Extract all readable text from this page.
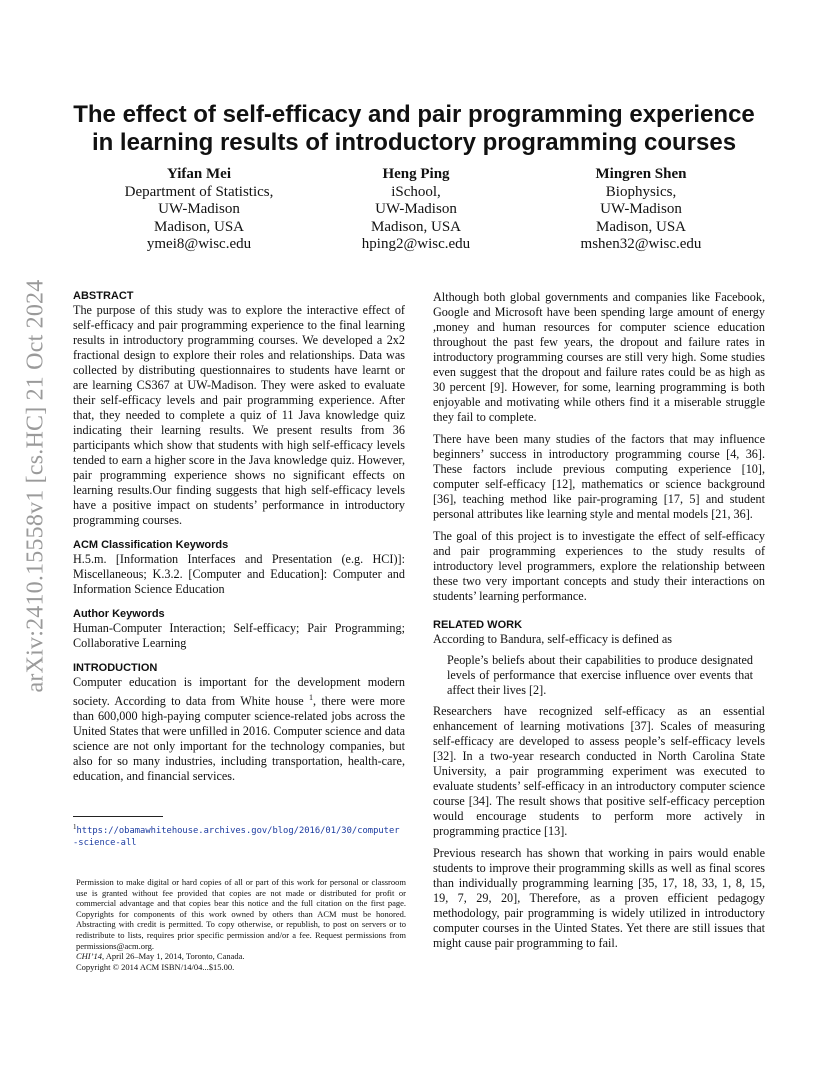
arXiv:2410.15558v1 [cs.HC] 21 Oct 2024
The effect of self-efficacy and pair programming experience
in learning results of introductory programming courses
Yifan Mei
Department of Statistics,
UW-Madison
Madison, USA
ymei8@wisc.edu
Heng Ping
iSchool,
UW-Madison
Madison, USA
hping2@wisc.edu
Mingren Shen
Biophysics,
UW-Madison
Madison, USA
mshen32@wisc.edu
ABSTRACT

The purpose of this study was to explore the interactive effect of self-efficacy and pair programming experience to the final learning results in introductory programming courses. We developed a 2x2 fractional design to explore their roles and relationships. Data was collected by distributing questionnaires to students have learnt or are learning CS367 at UW-Madison. They were asked to evaluate their self-efficacy levels and pair programming experience. After that, they needed to complete a quiz of 11 Java knowledge quiz indicating their learning results. We present results from 36 participants which show that students with high self-efficacy levels tended to earn a higher score in the Java knowledge quiz. However, pair programming experience shows no significant effects on learning results.Our finding suggests that high self-efficacy levels have a positive impact on students’ performance in introductory programming courses.

ACM Classification Keywords

H.5.m. [Information Interfaces and Presentation (e.g. HCI)]: Miscellaneous; K.3.2. [Computer and Education]: Computer and Information Science Education

Author Keywords

Human-Computer Interaction; Self-efficacy; Pair Programming; Collaborative Learning

INTRODUCTION

Computer education is important for the development modern society. According to data from White house $^1$, there were more than 600,000 high-paying computer science-related jobs across the United States that were unfilled in 2016. Computer science and data science are not only important for the technology companies, but also for so many industries, including transportation, health-care, education, and financial services.

$^1$https://obamawhitehouse.archives.gov/blog/2016/01/30/computer-science-all

Permission to make digital or hard copies of all or part of this work for personal or classroom use is granted without fee provided that copies are not made or distributed for profit or commercial advantage and that copies bear this notice and the full citation on the first page. Copyrights for components of this work owned by others than ACM must be honored. Abstracting with credit is permitted. To copy otherwise, or republish, to post on servers or to redistribute to lists, requires prior specific permission and/or a fee. Request permissions from permissions@acm.org.

CHI’14, April 26–May 1, 2014, Toronto, Canada.

Copyright © 2014 ACM ISBN/14/04...$15.00.

Although both global governments and companies like Facebook, Google and Microsoft have been spending large amount of energy ,money and human resources for computer science education throughout the past few years, the dropout and failure rates in introductory programming courses are still very high. Some studies even suggest that the dropout and failure rates could be as high as 30 percent [9]. However, for some, learning programming is both enjoyable and motivating while others find it a miserable struggle they fail to complete.

There have been many studies of the factors that may influence beginners’ success in introductory programming course [4, 36]. These factors include previous computing experience [10], computer self-efficacy [12], mathematics or science background [36], teaching method like pair-programing [17, 5] and student personal attributes like learning style and mental models [21, 36].

The goal of this project is to investigate the effect of self-efficacy and pair programming experiences to the study results of introductory level programmers, explore the relationship between these two very important concepts and study their interactions on students’ learning performance.

RELATED WORK

According to Bandura, self-efficacy is defined as

People’s beliefs about their capabilities to produce designated levels of performance that exercise influence over events that affect their lives [2].

Researchers have recognized self-efficacy as an essential enhancement of learning motivations [37]. Scales of measuring self-efficacy are developed to assess people’s self-efficacy levels [32]. In a two-year research conducted in North Carolina State University, a pair programming experiment was executed to evaluate students’ self-efficacy in an introductory computer science course [34]. The result shows that positive self-efficacy perception would encourage students to perform more actively in programming practice [13].

Previous research has shown that working in pairs would enable students to improve their programming skills as well as final scores than individually programming learning [35, 17, 18, 33, 1, 8, 15, 19, 7, 29, 20], Therefore, as a proven efficient pedagogy methodology, pair programming is widely utilized in introductory computer courses in the Uinted States. Yet there are still issues that might cause pair programming to fail.
